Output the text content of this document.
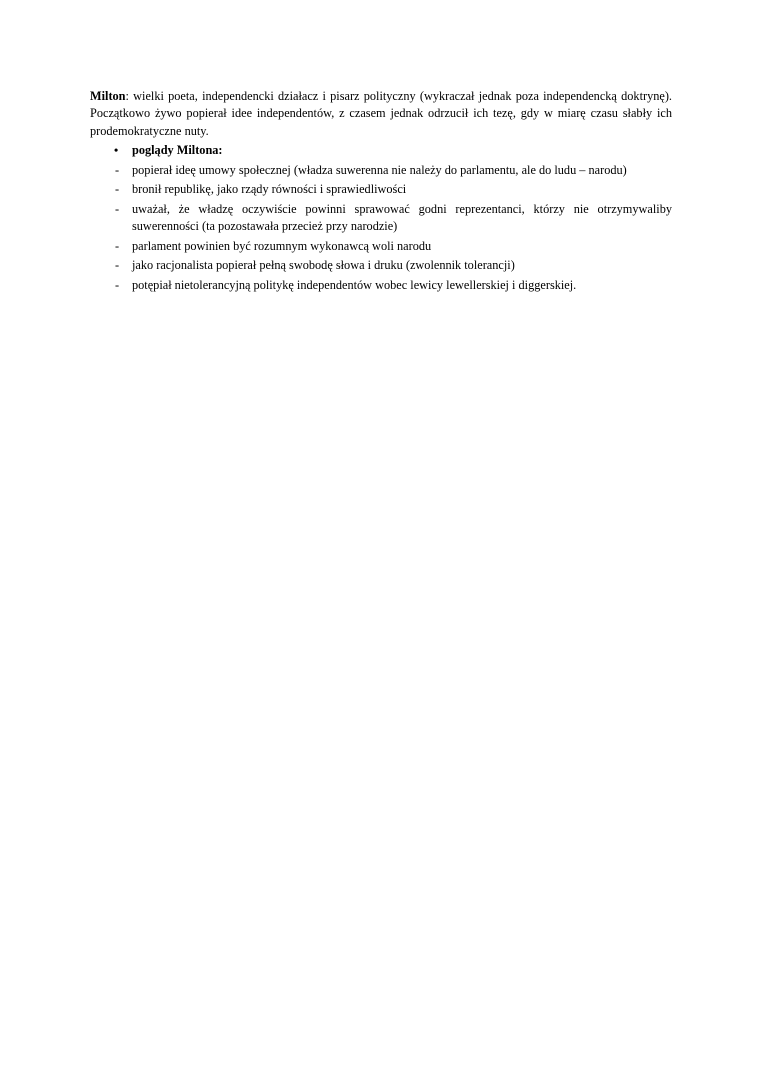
Milton: wielki poeta, independencki działacz i pisarz polityczny (wykraczał jednak poza independencką doktrynę). Początkowo żywo popierał idee independentów, z czasem jednak odrzucił ich tezę, gdy w miarę czasu słabły ich prodemokratyczne nuty.

• poglądy Miltona:
- popierał ideę umowy społecznej (władza suwerenna nie należy do parlamentu, ale do ludu – narodu)
- bronił republikę, jako rządy równości i sprawiedliwości
- uważał, że władzę oczywiście powinni sprawować godni reprezentanci, którzy nie otrzymywaliby suwerenności (ta pozostawała przecież przy narodzie)
- parlament powinien być rozumnym wykonawcą woli narodu
- jako racjonalista popierał pełną swobodę słowa i druku (zwolennik tolerancji)
- potępiał nietolerancyjną politykę independentów wobec lewicy lewellerskiej i diggerskiej.
